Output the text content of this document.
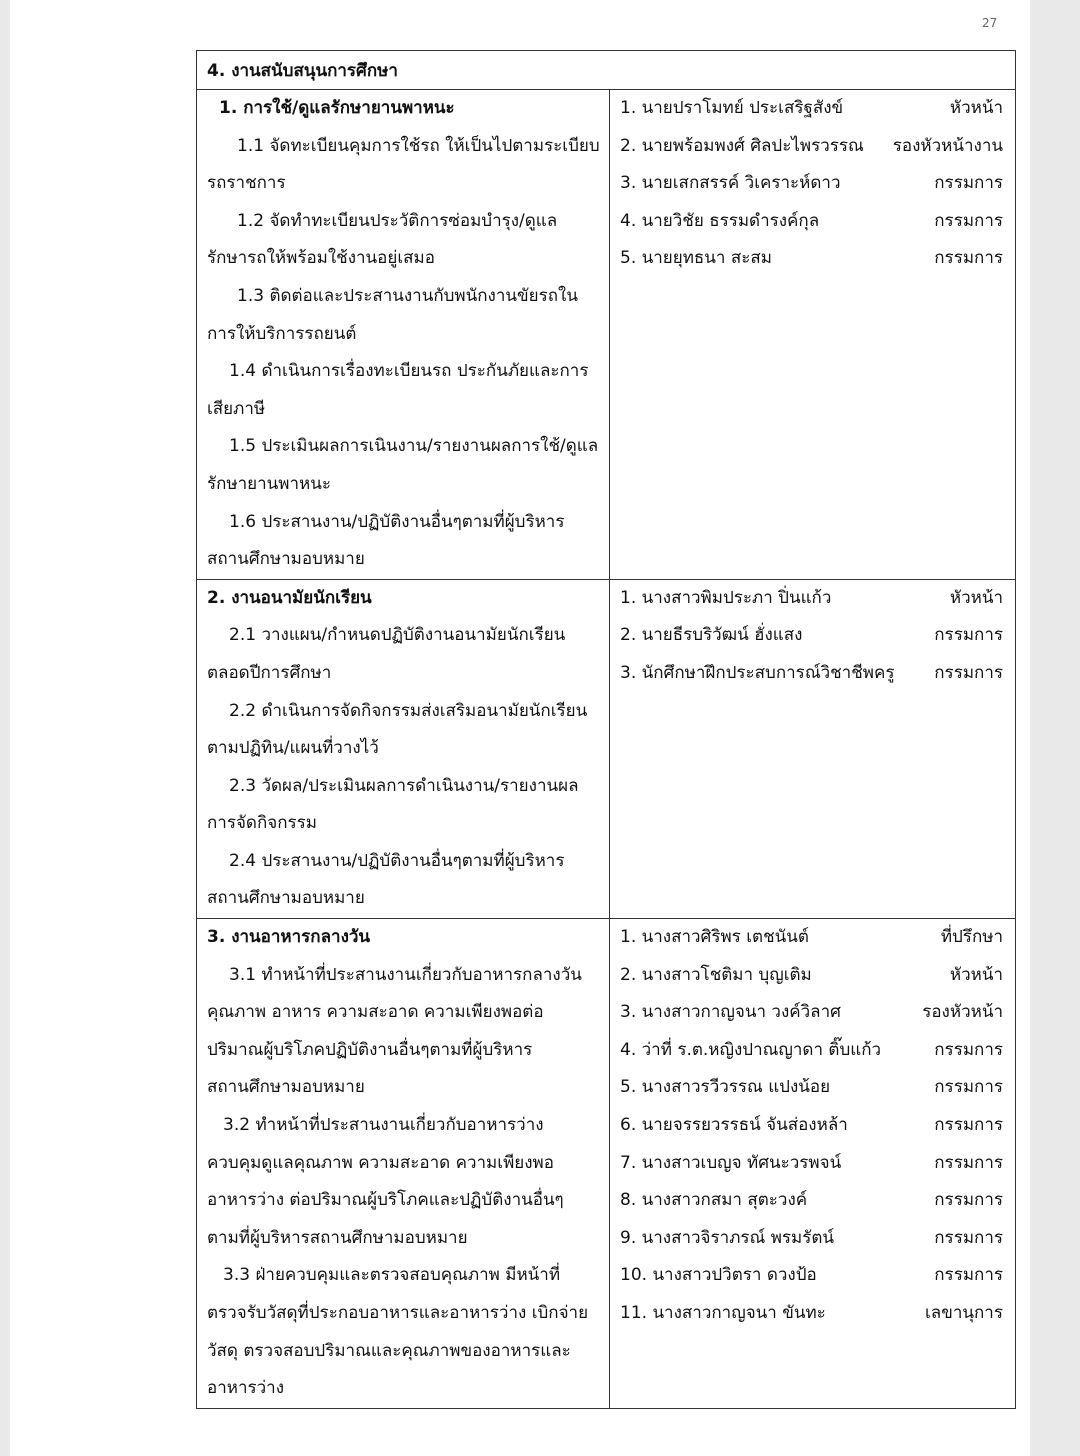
27
4. งานสนับสนุนการศึกษา
1. การใช้/ดูแลรักษายานพาหนะ
1.1 จัดทะเบียนคุมการใช้รถ ให้เป็นไปตามระเบียบ
รถราชการ
1.2 จัดทำทะเบียนประวัติการซ่อมบำรุง/ดูแล
รักษารถให้พร้อมใช้งานอยู่เสมอ
1.3 ติดต่อและประสานงานกับพนักงานขัยรถใน
การให้บริการรถยนต์
1.4 ดำเนินการเรื่องทะเบียนรถ ประกันภัยและการ
เสียภาษี
1.5 ประเมินผลการเนินงาน/รายงานผลการใช้/ดูแล
รักษายานพาหนะ
1.6 ประสานงาน/ปฏิบัติงานอื่นๆตามที่ผู้บริหาร
สถานศึกษามอบหมาย
1. นายปราโมทย์ ประเสริฐสังข์	หัวหน้า
2. นายพร้อมพงศ์ ศิลปะไพรวรรณ รองหัวหน้างาน
3. นายเสกสรรค์ วิเคราะห์ดาว	กรรมการ
4. นายวิชัย ธรรมดำรงค์กุล	กรรมการ
5. นายยุทธนา สะสม	กรรมการ
2. งานอนามัยนักเรียน
2.1 วางแผน/กำหนดปฏิบัติงานอนามัยนักเรียน
ตลอดปีการศึกษา
2.2 ดำเนินการจัดกิจกรรมส่งเสริมอนามัยนักเรียน
ตามปฏิทิน/แผนที่วางไว้
2.3 วัดผล/ประเมินผลการดำเนินงาน/รายงานผล
การจัดกิจกรรม
2.4 ประสานงาน/ปฏิบัติงานอื่นๆตามที่ผู้บริหาร
สถานศึกษามอบหมาย
1. นางสาวพิมประภา ปิ่นแก้ว	หัวหน้า
2. นายธีรบริวัฒน์ ฮั่งแสง	กรรมการ
3. นักศึกษาฝึกประสบการณ์วิชาชีพครู กรรมการ
3. งานอาหารกลางวัน
3.1 ทำหน้าที่ประสานงานเกี่ยวกับอาหารกลางวัน
คุณภาพ อาหาร ความสะอาด ความเพียงพอต่อ
ปริมาณผู้บริโภคปฏิบัติงานอื่นๆตามที่ผู้บริหาร
สถานศึกษามอบหมาย
3.2 ทำหน้าที่ประสานงานเกี่ยวกับอาหารว่าง
ควบคุมดูแลคุณภาพ ความสะอาด ความเพียงพอ
อาหารว่าง ต่อปริมาณผู้บริโภคและปฏิบัติงานอื่นๆ
ตามที่ผู้บริหารสถานศึกษามอบหมาย
3.3 ฝ่ายควบคุมและตรวจสอบคุณภาพ มีหน้าที่
ตรวจรับวัสดุที่ประกอบอาหารและอาหารว่าง เบิกจ่าย
วัสดุ ตรวจสอบปริมาณและคุณภาพของอาหารและ
อาหารว่าง
1. นางสาวศิริพร เตชนันต์	ที่ปรึกษา
2. นางสาวโชติมา บุญเติม	หัวหน้า
3. นางสาวกาญจนา วงค์วิลาศ	รองหัวหน้า
4. ว่าที่ ร.ต.หญิงปาณญาดา ติ๊บแก้ว	กรรมการ
5. นางสาวรวีวรรณ แปงน้อย	กรรมการ
6. นายจรรยวรรธน์ จันส่องหล้า	กรรมการ
7. นางสาวเบญจ ทัศนะวรพจน์	กรรมการ
8. นางสาวกสมา สุตะวงค์	กรรมการ
9. นางสาวจิราภรณ์ พรมรัตน์	กรรมการ
10. นางสาวปวิตรา ดวงป้อ	กรรมการ
11. นางสาวกาญจนา ขันทะ	เลขานุการ
